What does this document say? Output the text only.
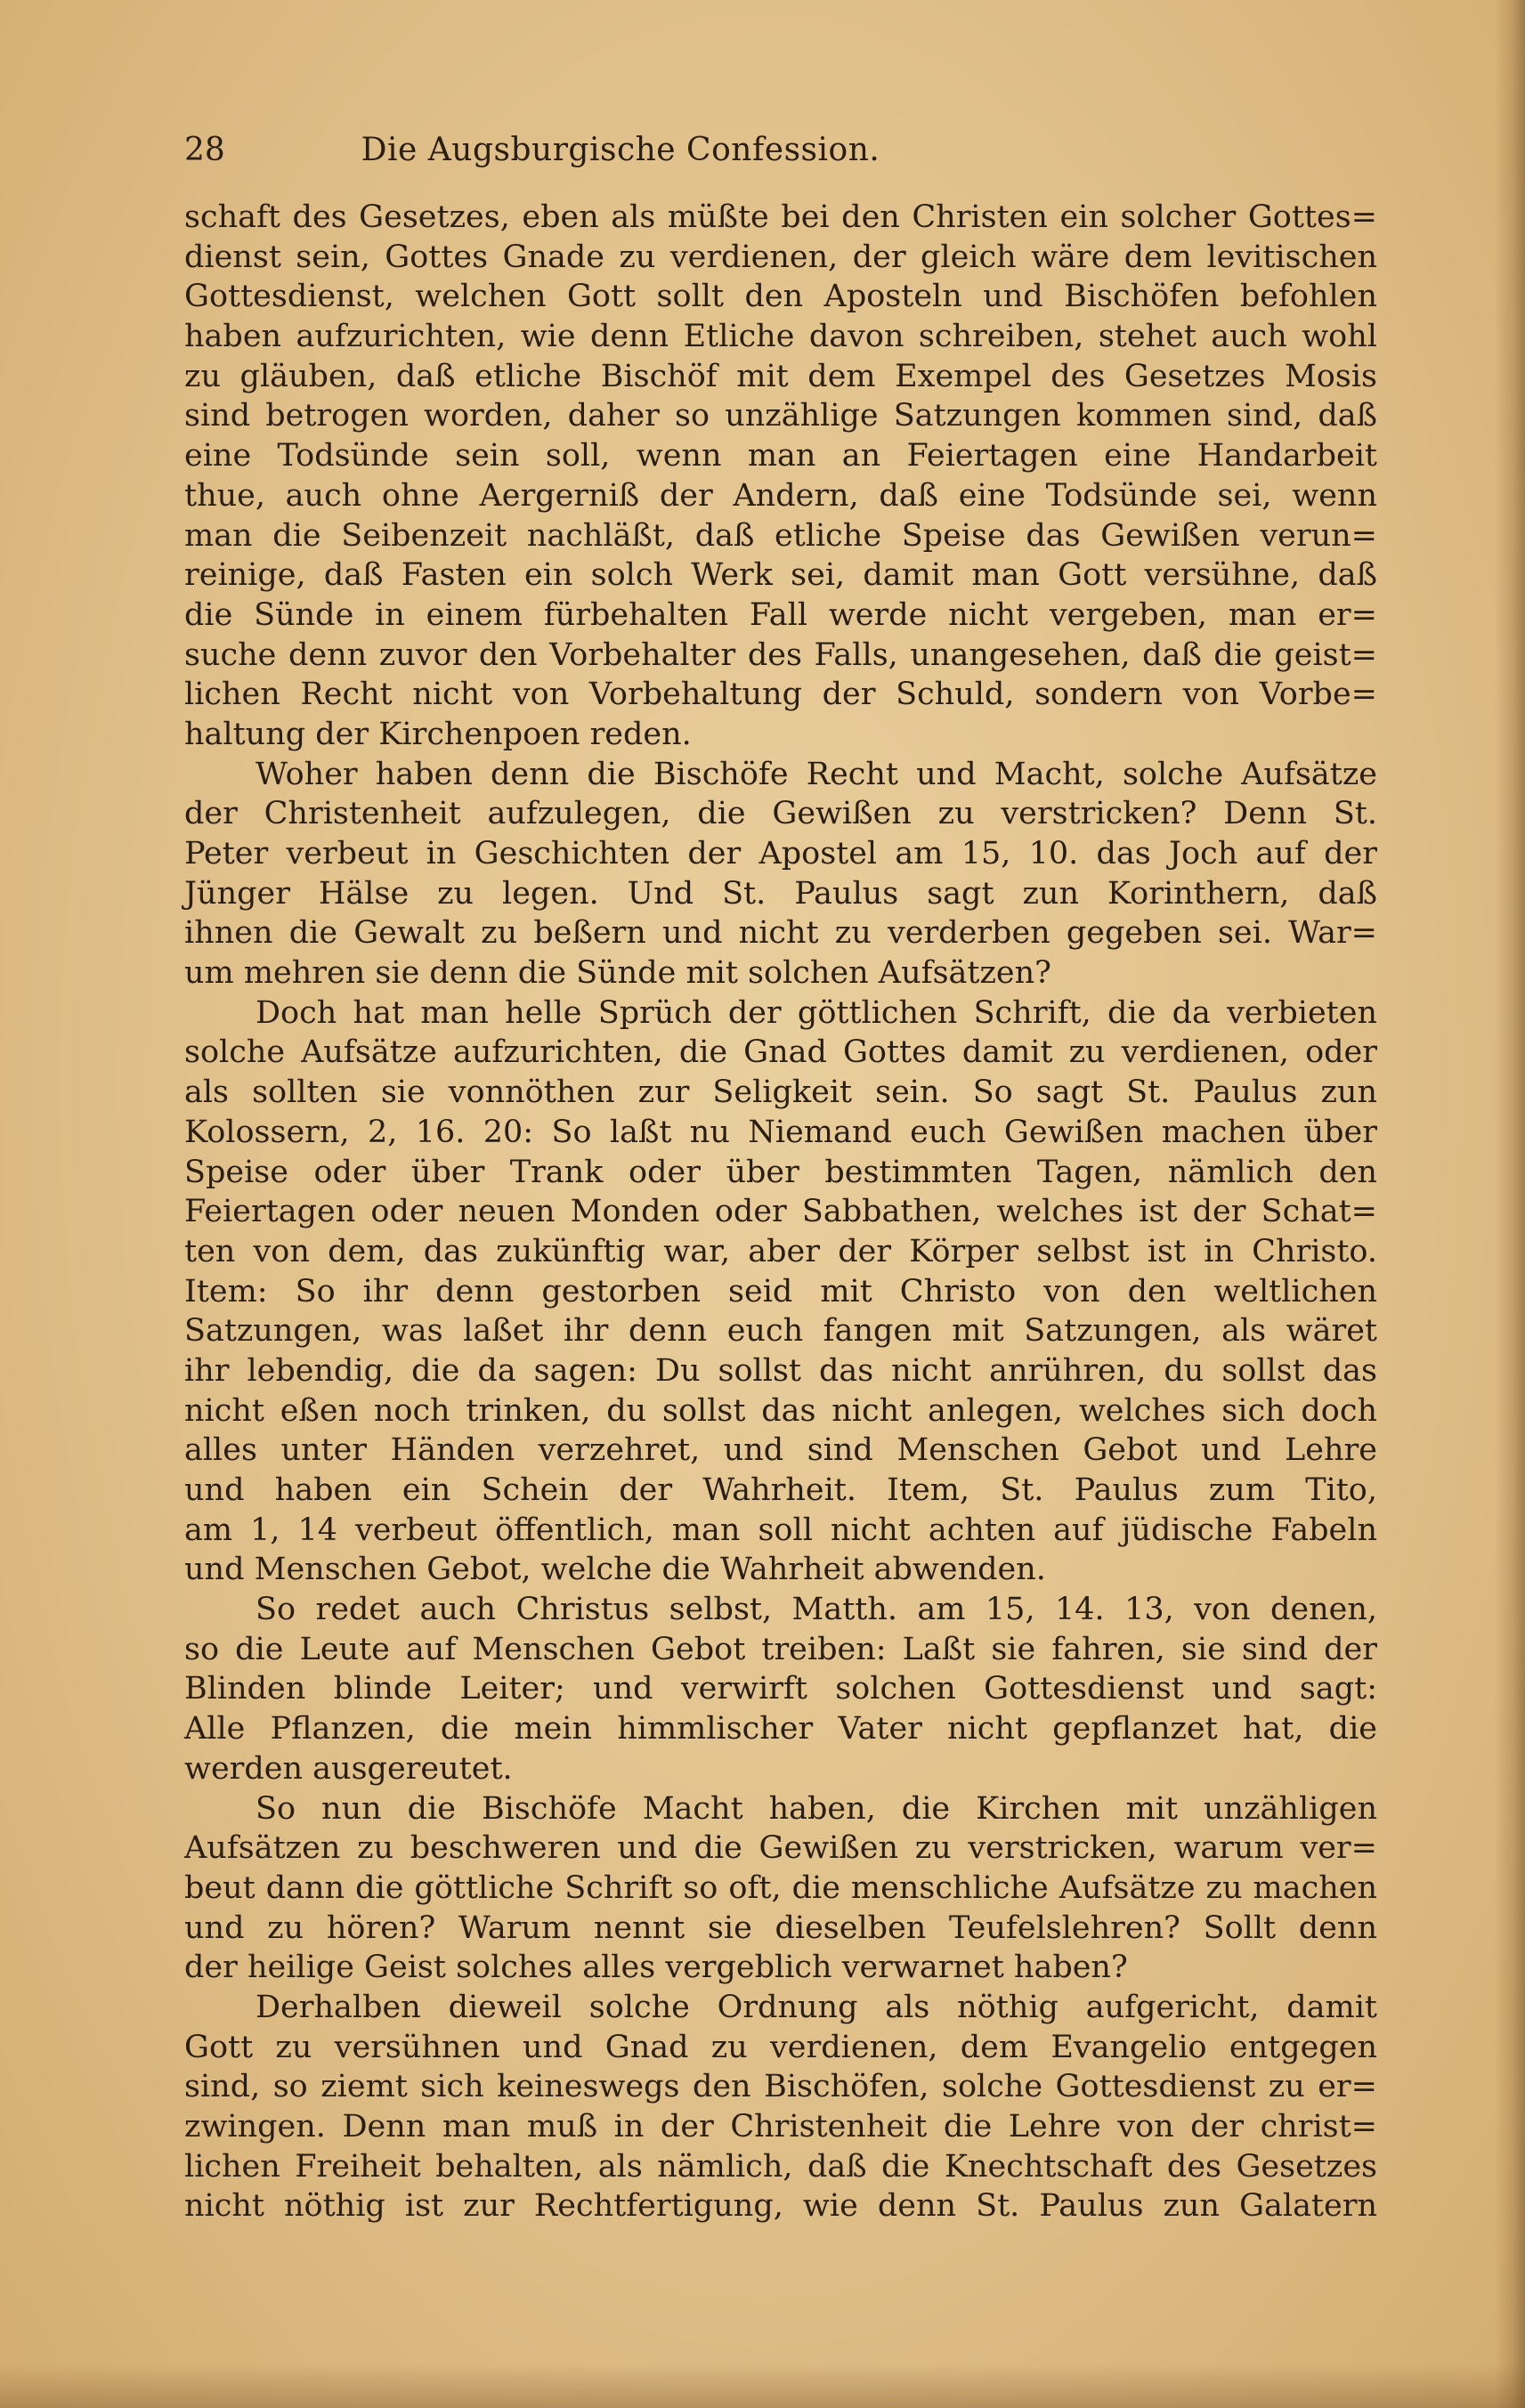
28	Die Augsburgische Confession.
schaft des Gesetzes, eben als müßte bei den Christen ein solcher Gottes=
dienst sein, Gottes Gnade zu verdienen, der gleich wäre dem levitischen
Gottesdienst, welchen Gott sollt den Aposteln und Bischöfen befohlen
haben aufzurichten, wie denn Etliche davon schreiben, stehet auch wohl
zu gläuben, daß etliche Bischöf mit dem Exempel des Gesetzes Mosis
sind betrogen worden, daher so unzählige Satzungen kommen sind, daß
eine Todsünde sein soll, wenn man an Feiertagen eine Handarbeit
thue, auch ohne Aergerniß der Andern, daß eine Todsünde sei, wenn
man die Seibenzeit nachläßt, daß etliche Speise das Gewißen verun=
reinige, daß Fasten ein solch Werk sei, damit man Gott versühne, daß
die Sünde in einem fürbehalten Fall werde nicht vergeben, man er=
suche denn zuvor den Vorbehalter des Falls, unangesehen, daß die geist=
lichen Recht nicht von Vorbehaltung der Schuld, sondern von Vorbe=
haltung der Kirchenpoen reden.
Woher haben denn die Bischöfe Recht und Macht, solche Aufsätze
der Christenheit aufzulegen, die Gewißen zu verstricken? Denn St.
Peter verbeut in Geschichten der Apostel am 15, 10. das Joch auf der
Jünger Hälse zu legen. Und St. Paulus sagt zun Korinthern, daß
ihnen die Gewalt zu beßern und nicht zu verderben gegeben sei. War=
um mehren sie denn die Sünde mit solchen Aufsätzen?
Doch hat man helle Sprüch der göttlichen Schrift, die da verbieten
solche Aufsätze aufzurichten, die Gnad Gottes damit zu verdienen, oder
als sollten sie vonnöthen zur Seligkeit sein. So sagt St. Paulus zun
Kolossern, 2, 16. 20: So laßt nu Niemand euch Gewißen machen über
Speise oder über Trank oder über bestimmten Tagen, nämlich den
Feiertagen oder neuen Monden oder Sabbathen, welches ist der Schat=
ten von dem, das zukünftig war, aber der Körper selbst ist in Christo.
Item: So ihr denn gestorben seid mit Christo von den weltlichen
Satzungen, was laßet ihr denn euch fangen mit Satzungen, als wäret
ihr lebendig, die da sagen: Du sollst das nicht anrühren, du sollst das
nicht eßen noch trinken, du sollst das nicht anlegen, welches sich doch
alles unter Händen verzehret, und sind Menschen Gebot und Lehre
und haben ein Schein der Wahrheit. Item, St. Paulus zum Tito,
am 1, 14 verbeut öffentlich, man soll nicht achten auf jüdische Fabeln
und Menschen Gebot, welche die Wahrheit abwenden.
So redet auch Christus selbst, Matth. am 15, 14. 13, von denen,
so die Leute auf Menschen Gebot treiben: Laßt sie fahren, sie sind der
Blinden blinde Leiter; und verwirft solchen Gottesdienst und sagt:
Alle Pflanzen, die mein himmlischer Vater nicht gepflanzet hat, die
werden ausgereutet.
So nun die Bischöfe Macht haben, die Kirchen mit unzähligen
Aufsätzen zu beschweren und die Gewißen zu verstricken, warum ver=
beut dann die göttliche Schrift so oft, die menschliche Aufsätze zu machen
und zu hören? Warum nennt sie dieselben Teufelslehren? Sollt denn
der heilige Geist solches alles vergeblich verwarnet haben?
Derhalben dieweil solche Ordnung als nöthig aufgericht, damit
Gott zu versühnen und Gnad zu verdienen, dem Evangelio entgegen
sind, so ziemt sich keineswegs den Bischöfen, solche Gottesdienst zu er=
zwingen. Denn man muß in der Christenheit die Lehre von der christ=
lichen Freiheit behalten, als nämlich, daß die Knechtschaft des Gesetzes
nicht nöthig ist zur Rechtfertigung, wie denn St. Paulus zun Galatern
